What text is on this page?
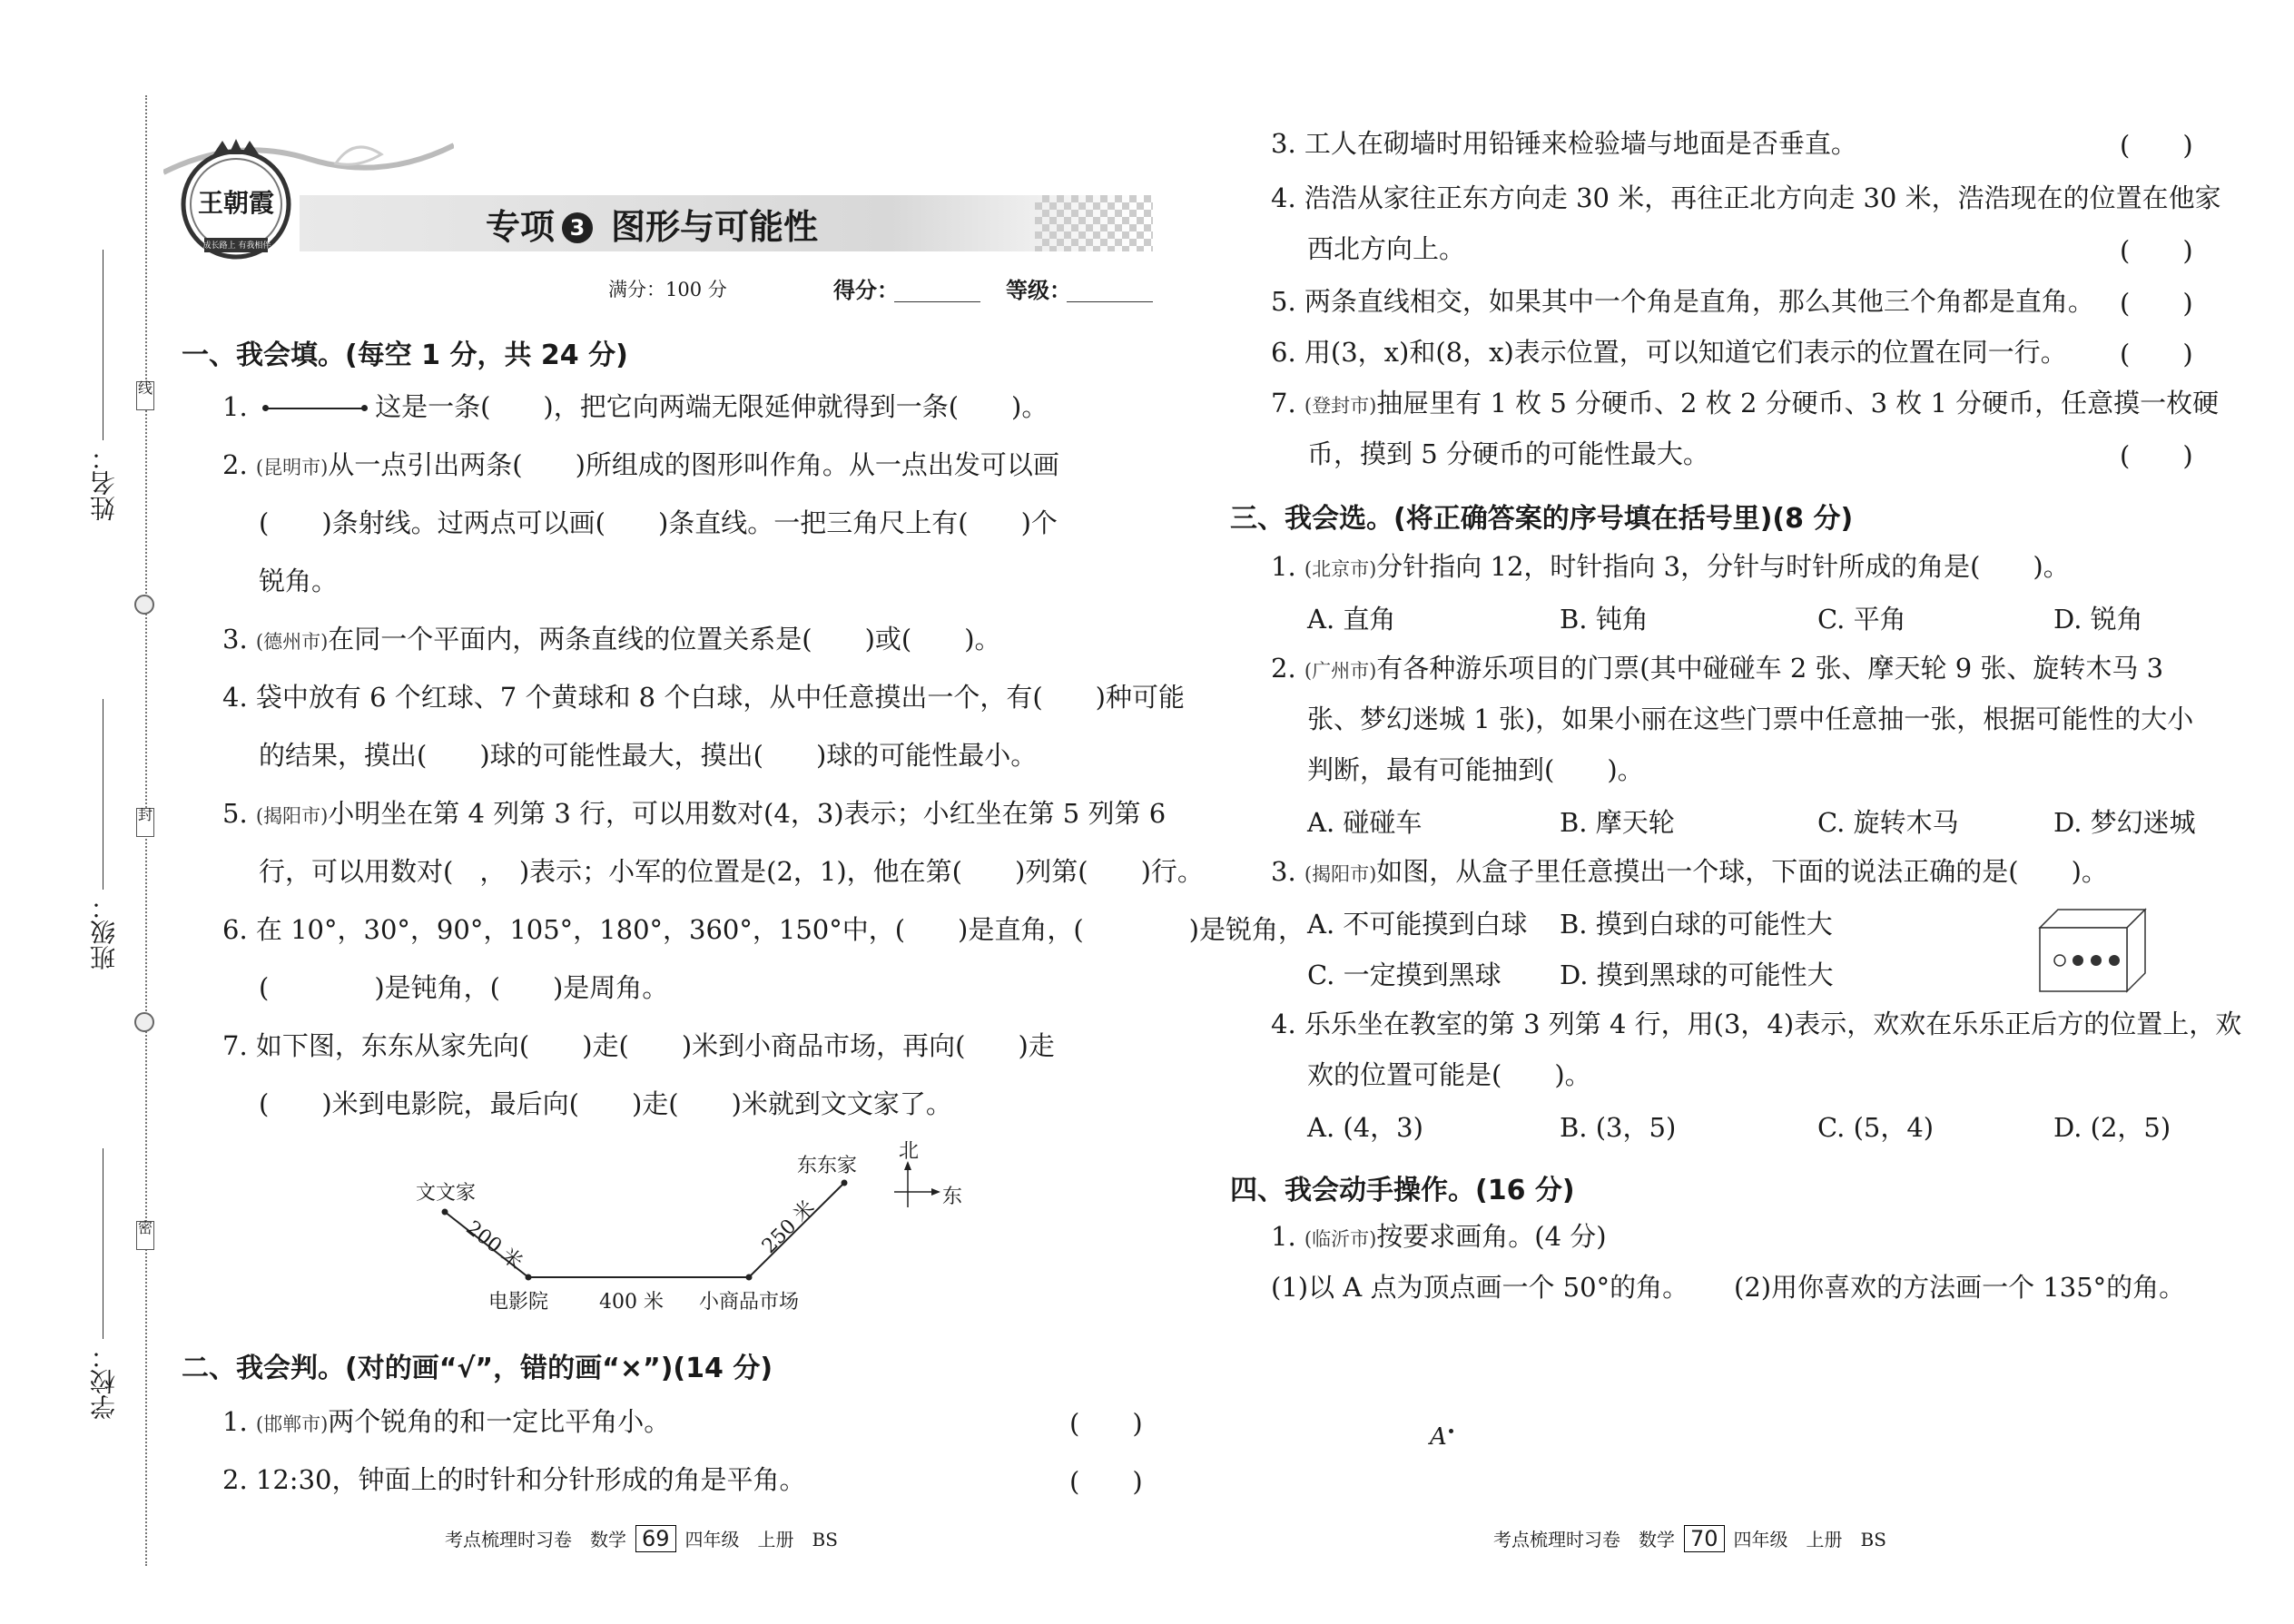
姓名：
班级：
学校：
线
封
密
王朝霞
成长路上 有我相伴	专项 3 图形与可能性
满分：100 分	得分：	等级：
一、我会填。(每空 1 分，共 24 分)
1.	这是一条(　　)，把它向两端无限延伸就得到一条(　　)。
2. (昆明市)从一点引出两条(　　)所组成的图形叫作角。从一点出发可以画
(　　)条射线。过两点可以画(　　)条直线。一把三角尺上有(　　)个
锐角。
3. (德州市)在同一个平面内，两条直线的位置关系是(　　)或(　　)。
4. 袋中放有 6 个红球、7 个黄球和 8 个白球，从中任意摸出一个，有(　　)种可能
的结果，摸出(　　)球的可能性最大，摸出(　　)球的可能性最小。
5. (揭阳市)小明坐在第 4 列第 3 行，可以用数对(4，3)表示；小红坐在第 5 列第 6
行，可以用数对(　，　)表示；小军的位置是(2，1)，他在第(　　)列第(　　)行。
6. 在 10°，30°，90°，105°，180°，360°，150°中，(　　)是直角，(　　　　)是锐角，
(　　　　)是钝角，(　　)是周角。
7. 如下图，东东从家先向(　　)走(　　)米到小商品市场，再向(　　)走
(　　)米到电影院，最后向(　　)走(　　)米就到文文家了。
文文家
东东家
电影院	小商品市场
400 米
200 米	250 米
北
东
二、我会判。(对的画“√”，错的画“×”)(14 分)
1. (邯郸市)两个锐角的和一定比平角小。	(　　)
2. 12:30，钟面上的时针和分针形成的角是平角。	(　　)
考点梳理时习卷　数学 69 四年级　上册　BS
3. 工人在砌墙时用铅锤来检验墙与地面是否垂直。	(　　)
4. 浩浩从家往正东方向走 30 米，再往正北方向走 30 米，浩浩现在的位置在他家
西北方向上。	(　　)
5. 两条直线相交，如果其中一个角是直角，那么其他三个角都是直角。 (　　)
6. 用(3，x)和(8，x)表示位置，可以知道它们表示的位置在同一行。 (　　)
7. (登封市)抽屉里有 1 枚 5 分硬币、2 枚 2 分硬币、3 枚 1 分硬币，任意摸一枚硬
币，摸到 5 分硬币的可能性最大。	(　　)
三、我会选。(将正确答案的序号填在括号里)(8 分)
1. (北京市)分针指向 12，时针指向 3，分针与时针所成的角是(　　)。
A. 直角	B. 钝角	C. 平角	D. 锐角
2. (广州市)有各种游乐项目的门票(其中碰碰车 2 张、摩天轮 9 张、旋转木马 3
张、梦幻迷城 1 张)，如果小丽在这些门票中任意抽一张，根据可能性的大小
判断，最有可能抽到(　　)。
A. 碰碰车	B. 摩天轮	C. 旋转木马	D. 梦幻迷城
3. (揭阳市)如图，从盒子里任意摸出一个球，下面的说法正确的是(　　)。
A. 不可能摸到白球 B. 摸到白球的可能性大
C. 一定摸到黑球 D. 摸到黑球的可能性大
4. 乐乐坐在教室的第 3 列第 4 行，用(3，4)表示，欢欢在乐乐正后方的位置上，欢
欢的位置可能是(　　)。
A. (4，3)	B. (3，5)	C. (5，4)	D. (2，5)
四、我会动手操作。(16 分)
1. (临沂市)按要求画角。(4 分)
(1)以 A 点为顶点画一个 50°的角。 (2)用你喜欢的方法画一个 135°的角。
A
考点梳理时习卷　数学 70 四年级　上册　BS
